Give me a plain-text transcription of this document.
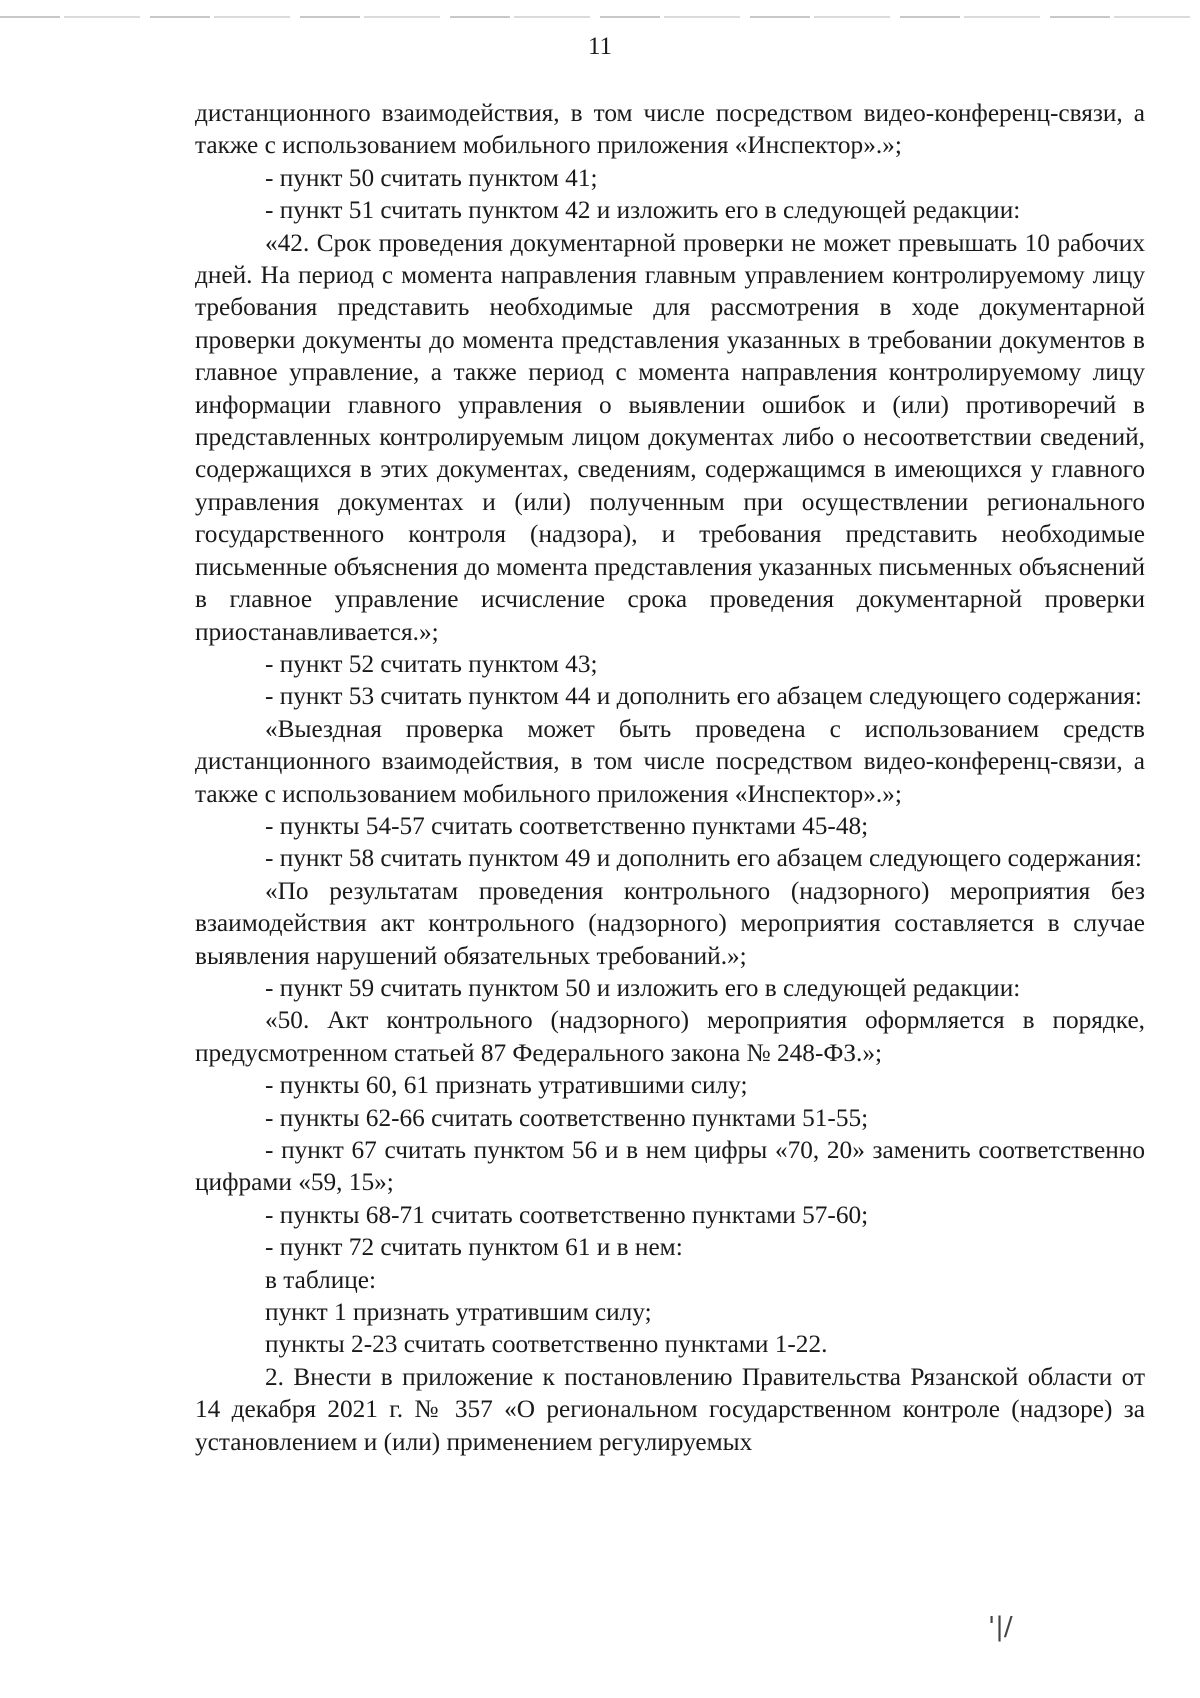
11

дистанционного взаимодействия, в том числе посредством видео-конференц-связи, а также с использованием мобильного приложения «Инспектор».»;

- пункт 50 считать пунктом 41;

- пункт 51 считать пунктом 42 и изложить его в следующей редакции:

«42. Срок проведения документарной проверки не может превышать 10 рабочих дней. На период с момента направления главным управлением контролируемому лицу требования представить необходимые для рассмотрения в ходе документарной проверки документы до момента представления указанных в требовании документов в главное управление, а также период с момента направления контролируемому лицу информации главного управления о выявлении ошибок и (или) противоречий в представленных контролируемым лицом документах либо о несоответствии сведений, содержащихся в этих документах, сведениям, содержащимся в имеющихся у главного управления документах и (или) полученным при осуществлении регионального государственного контроля (надзора), и требования представить необходимые письменные объяснения до момента представления указанных письменных объяснений в главное управление исчисление срока проведения документарной проверки приостанавливается.»;

- пункт 52 считать пунктом 43;

- пункт 53 считать пунктом 44 и дополнить его абзацем следующего содержания:

«Выездная проверка может быть проведена с использованием средств дистанционного взаимодействия, в том числе посредством видео-конференц-связи, а также с использованием мобильного приложения «Инспектор».»;

- пункты 54-57 считать соответственно пунктами 45-48;

- пункт 58 считать пунктом 49 и дополнить его абзацем следующего содержания:

«По результатам проведения контрольного (надзорного) мероприятия без взаимодействия акт контрольного (надзорного) мероприятия составляется в случае выявления нарушений обязательных требований.»;

- пункт 59 считать пунктом 50 и изложить его в следующей редакции:

«50. Акт контрольного (надзорного) мероприятия оформляется в порядке, предусмотренном статьей 87 Федерального закона № 248-ФЗ.»;

- пункты 60, 61 признать утратившими силу;

- пункты 62-66 считать соответственно пунктами 51-55;

- пункт 67 считать пунктом 56 и в нем цифры «70, 20» заменить соответственно цифрами «59, 15»;

- пункты 68-71 считать соответственно пунктами 57-60;

- пункт 72 считать пунктом 61 и в нем:

в таблице:

пункт 1 признать утратившим силу;

пункты 2-23 считать соответственно пунктами 1-22.

2. Внести в приложение к постановлению Правительства Рязанской области от 14 декабря 2021 г. № 357 «О региональном государственном контроле (надзоре) за установлением и (или) применением регулируемых

'|/
